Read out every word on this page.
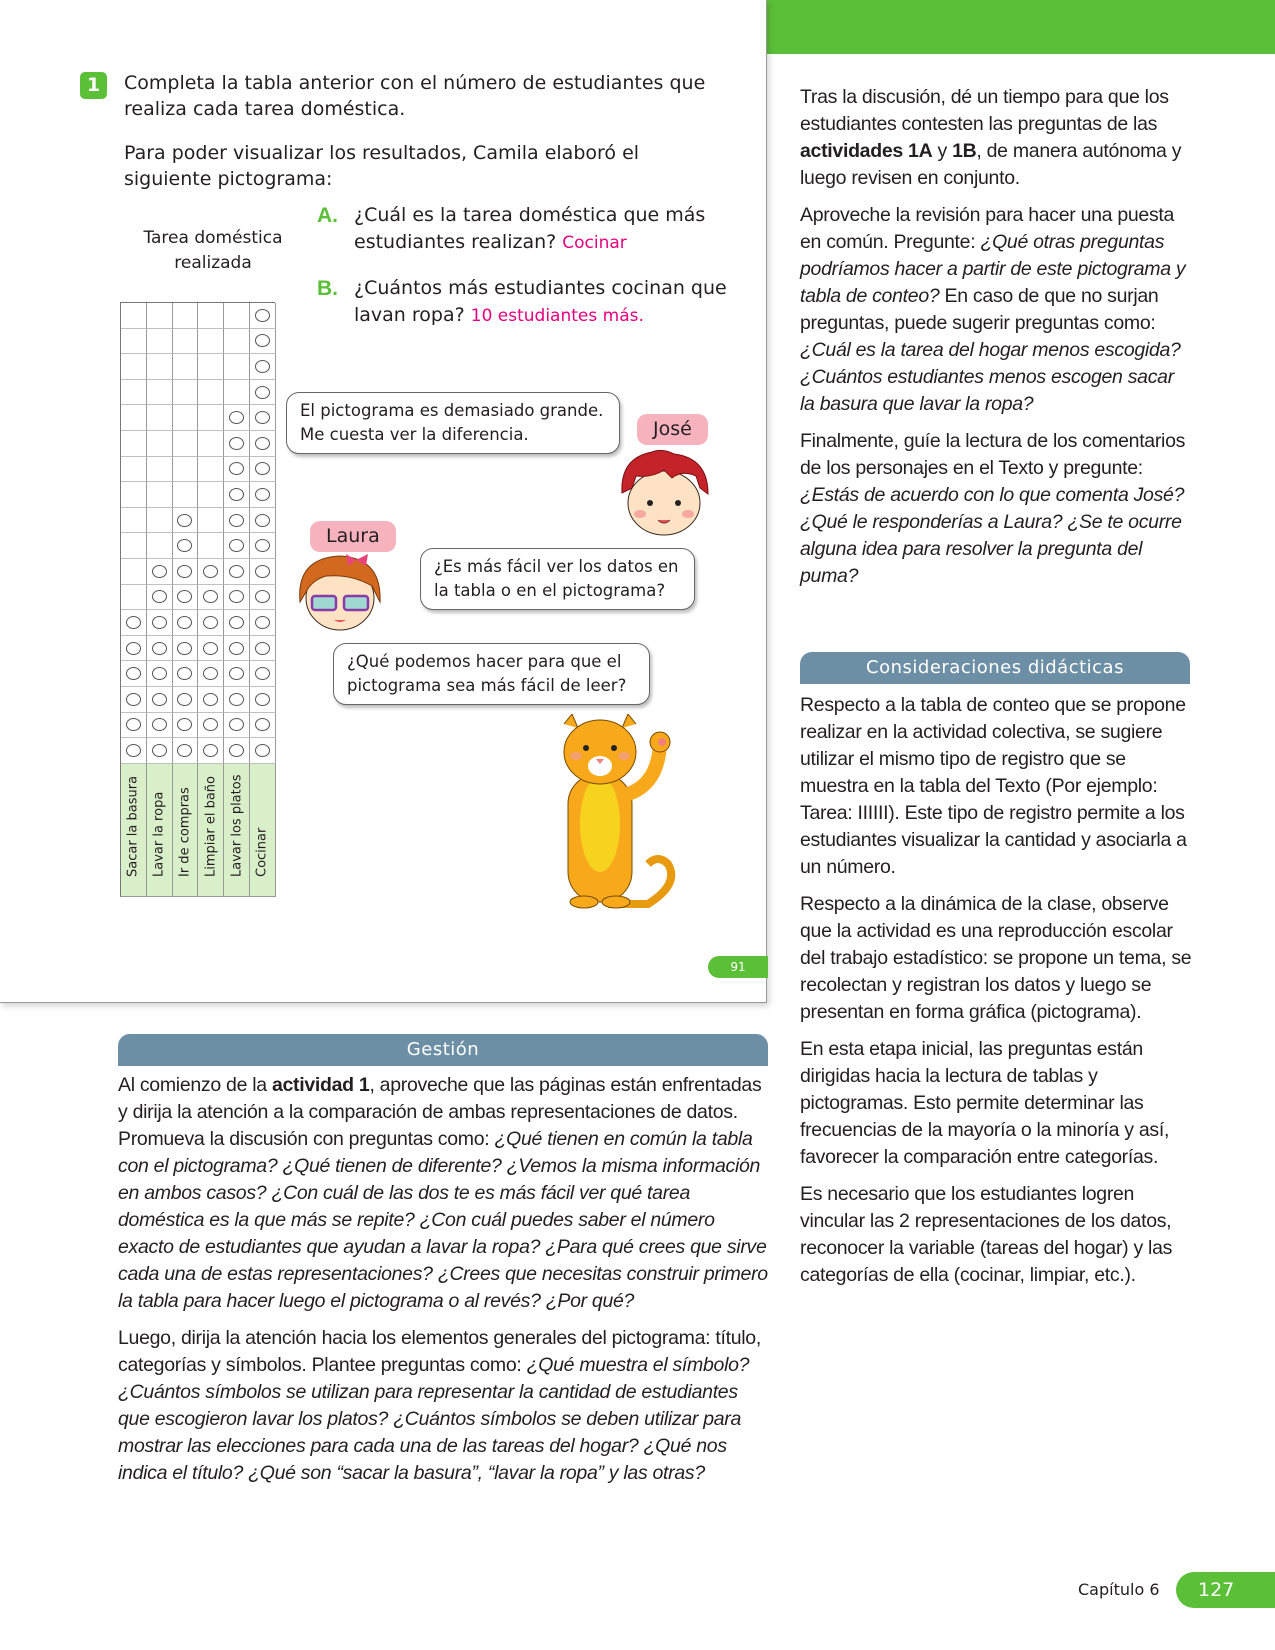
1	Completa la tabla anterior con el número de estudiantes que realiza cada tarea doméstica.
Para poder visualizar los resultados, Camila elaboró el siguiente pictograma:
Tarea doméstica realizada
Sacar la basura Lavar la ropa Ir de compras Limpiar el baño Lavar los platos Cocinar
A. ¿Cuál es la tarea doméstica que más estudiantes realizan? Cocinar
B. ¿Cuántos más estudiantes cocinan que lavan ropa? 10 estudiantes más.
El pictograma es demasiado grande. Me cuesta ver la diferencia.	José
Laura
¿Es más fácil ver los datos en la tabla o en el pictograma?
¿Qué podemos hacer para que el pictograma sea más fácil de leer?
91

Tras la discusión, dé un tiempo para que los estudiantes contesten las preguntas de las actividades 1A y 1B, de manera autónoma y luego revisen en conjunto.

Aproveche la revisión para hacer una puesta en común. Pregunte: ¿Qué otras preguntas podríamos hacer a partir de este pictograma y tabla de conteo? En caso de que no surjan preguntas, puede sugerir preguntas como: ¿Cuál es la tarea del hogar menos escogida? ¿Cuántos estudiantes menos escogen sacar la basura que lavar la ropa?

Finalmente, guíe la lectura de los comentarios de los personajes en el Texto y pregunte: ¿Estás de acuerdo con lo que comenta José? ¿Qué le responderías a Laura? ¿Se te ocurre alguna idea para resolver la pregunta del puma?

Consideraciones didácticas

Respecto a la tabla de conteo que se propone realizar en la actividad colectiva, se sugiere utilizar el mismo tipo de registro que se muestra en la tabla del Texto (Por ejemplo: Tarea: IIIIII). Este tipo de registro permite a los estudiantes visualizar la cantidad y asociarla a un número.

Respecto a la dinámica de la clase, observe que la actividad es una reproducción escolar del trabajo estadístico: se propone un tema, se recolectan y registran los datos y luego se presentan en forma gráfica (pictograma).

En esta etapa inicial, las preguntas están dirigidas hacia la lectura de tablas y pictogramas. Esto permite determinar las frecuencias de la mayoría o la minoría y así, favorecer la comparación entre categorías.

Es necesario que los estudiantes logren vincular las 2 representaciones de los datos, reconocer la variable (tareas del hogar) y las categorías de ella (cocinar, limpiar, etc.).

Gestión

Al comienzo de la actividad 1, aproveche que las páginas están enfrentadas y dirija la atención a la comparación de ambas representaciones de datos. Promueva la discusión con preguntas como: ¿Qué tienen en común la tabla con el pictograma? ¿Qué tienen de diferente? ¿Vemos la misma información en ambos casos? ¿Con cuál de las dos te es más fácil ver qué tarea doméstica es la que más se repite? ¿Con cuál puedes saber el número exacto de estudiantes que ayudan a lavar la ropa? ¿Para qué crees que sirve cada una de estas representaciones? ¿Crees que necesitas construir primero la tabla para hacer luego el pictograma o al revés? ¿Por qué?

Luego, dirija la atención hacia los elementos generales del pictograma: título, categorías y símbolos. Plantee preguntas como: ¿Qué muestra el símbolo? ¿Cuántos símbolos se utilizan para representar la cantidad de estudiantes que escogieron lavar los platos? ¿Cuántos símbolos se deben utilizar para mostrar las elecciones para cada una de las tareas del hogar? ¿Qué nos indica el título? ¿Qué son “sacar la basura”, “lavar la ropa” y las otras?

Capítulo 6	127
